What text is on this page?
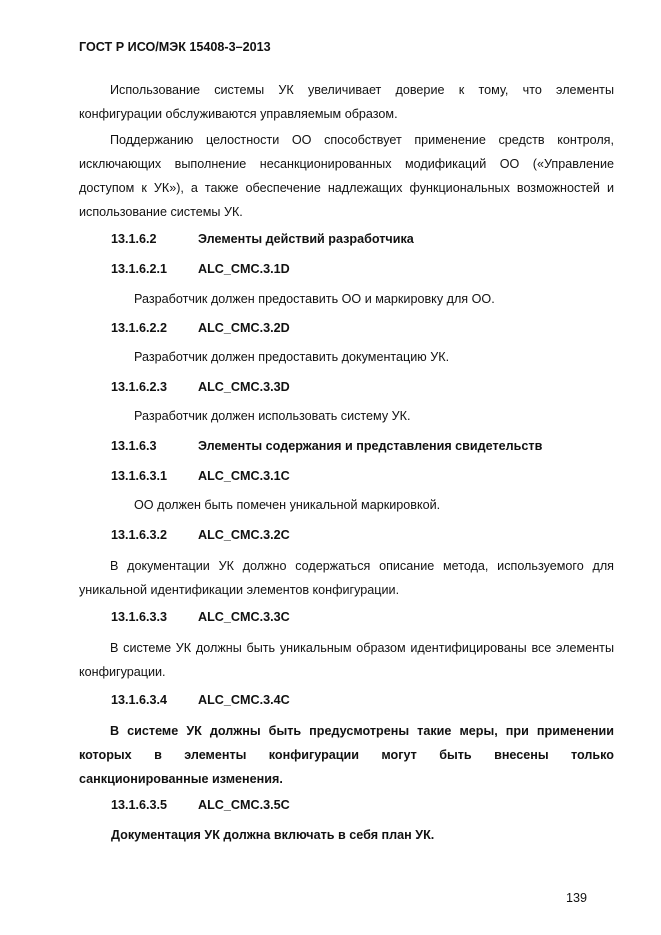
ГОСТ Р ИСО/МЭК 15408-3–2013

Использование системы УК увеличивает доверие к тому, что элементы конфигурации обслуживаются управляемым образом.

Поддержанию целостности ОО способствует применение средств контроля, исключающих выполнение несанкционированных модификаций ОО («Управление доступом к УК»), а также обеспечение надлежащих функциональных возможностей и использование системы УК.

13.1.6.2	Элементы действий разработчика
13.1.6.2.1 ALC_CMC.3.1D

Разработчик должен предоставить ОО и маркировку для ОО.

13.1.6.2.2 ALC_CMC.3.2D

Разработчик должен предоставить документацию УК.

13.1.6.2.3 ALC_CMC.3.3D

Разработчик должен использовать систему УК.

13.1.6.3	Элементы содержания и представления свидетельств
13.1.6.3.1 ALC_CMC.3.1C

ОО должен быть помечен уникальной маркировкой.

13.1.6.3.2 ALC_CMC.3.2C

В документации УК должно содержаться описание метода, используемого для уникальной идентификации элементов конфигурации.

13.1.6.3.3 ALC_CMC.3.3C

В системе УК должны быть уникальным образом идентифицированы все элементы конфигурации.

13.1.6.3.4 ALC_CMC.3.4C

В системе УК должны быть предусмотрены такие меры, при применении которых в элементы конфигурации могут быть внесены только санкционированные изменения.

13.1.6.3.5 ALC_CMC.3.5C

Документация УК должна включать в себя план УК.

139
